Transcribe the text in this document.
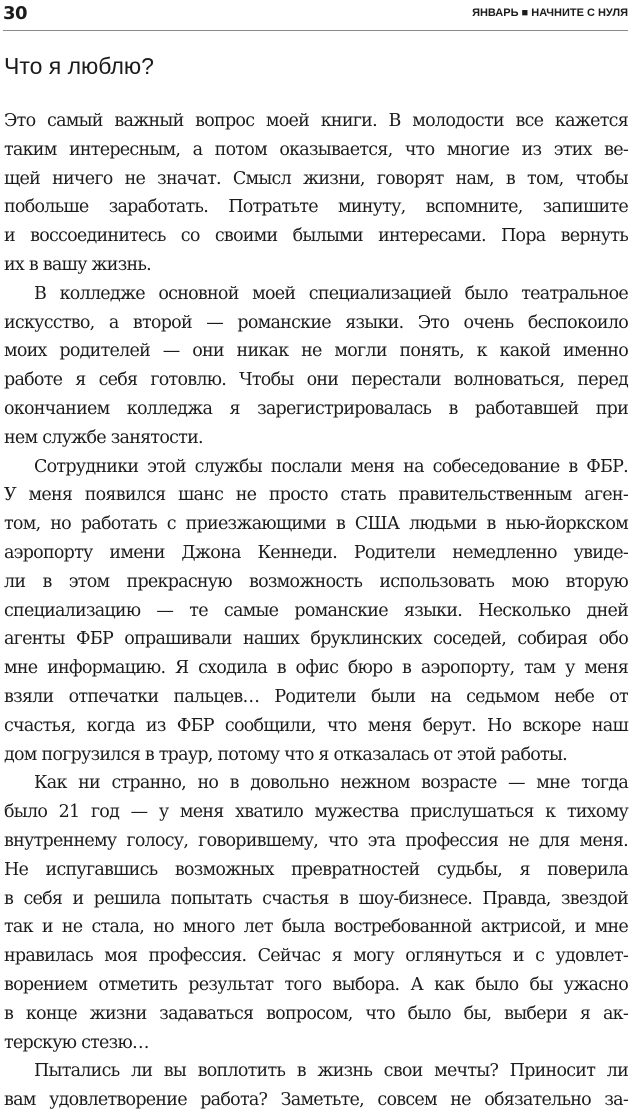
30	ЯНВАРЬ ■ НАЧНИТЕ С НУЛЯ
Что я люблю?

Это самый важный вопрос моей книги. В молодости все кажется
таким интересным, а потом оказывается, что многие из этих ве-
щей ничего не значат. Смысл жизни, говорят нам, в том, чтобы
побольше заработать. Потратьте минуту, вспомните, запишите
и воссоединитесь со своими былыми интересами. Пора вернуть
их в вашу жизнь.

В колледже основной моей специализацией было театральное
искусство, а второй — романские языки. Это очень беспокоило
моих родителей — они никак не могли понять, к какой именно
работе я себя готовлю. Чтобы они перестали волноваться, перед
окончанием колледжа я зарегистрировалась в работавшей при
нем службе занятости.

Сотрудники этой службы послали меня на собеседование в ФБР.
У меня появился шанс не просто стать правительственным аген-
том, но работать с приезжающими в США людьми в нью-йоркском
аэропорту имени Джона Кеннеди. Родители немедленно увиде-
ли в этом прекрасную возможность использовать мою вторую
специализацию — те самые романские языки. Несколько дней
агенты ФБР опрашивали наших бруклинских соседей, собирая обо
мне информацию. Я сходила в офис бюро в аэропорту, там у меня
взяли отпечатки пальцев… Родители были на седьмом небе от
счастья, когда из ФБР сообщили, что меня берут. Но вскоре наш
дом погрузился в траур, потому что я отказалась от этой работы.

Как ни странно, но в довольно нежном возрасте — мне тогда
было 21 год — у меня хватило мужества прислушаться к тихому
внутреннему голосу, говорившему, что эта профессия не для меня.
Не испугавшись возможных превратностей судьбы, я поверила
в себя и решила попытать счастья в шоу-бизнесе. Правда, звездой
так и не стала, но много лет была востребованной актрисой, и мне
нравилась моя профессия. Сейчас я могу оглянуться и с удовлет-
ворением отметить результат того выбора. А как было бы ужасно
в конце жизни задаваться вопросом, что было бы, выбери я ак-
терскую стезю…

Пытались ли вы воплотить в жизнь свои мечты? Приносит ли
вам удовлетворение работа? Заметьте, совсем не обязательно за-
